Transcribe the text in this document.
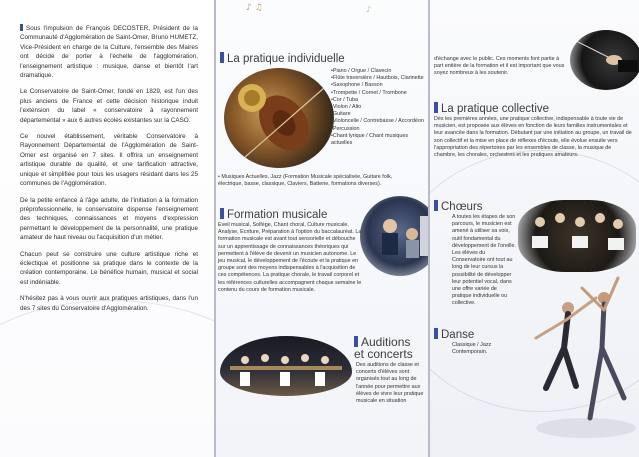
Sous l'impulsion de François DECOSTER, Président de la Communauté d'Agglomération de Saint-Omer, Bruno HUMETZ, Vice-Président en charge de la Culture, l'ensemble des Maires ont décidé de porter à l'échelle de l'agglomération, l'enseignement artistique : musique, danse et bientôt l'art dramatique.

Le Conservatoire de Saint-Omer, fondé en 1829, est l'un des plus anciens de France et cette décision historique induit l'extension du label « conservatoire à rayonnement départemental » aux 6 autres écoles existantes sur la CASO.

Ce nouvel établissement, véritable Conservatoire à Rayonnement Départemental de l'Agglomération de Saint-Omer est organisé en 7 sites. Il offrira un enseignement artistique durable de qualité, et une tarification attractive, unique et simplifiée pour tous les usagers résidant dans les 25 communes de l'Agglomération.

De la petite enfance à l'âge adulte, de l'initiation à la formation préprofessionnelle, le conservatoire dispense l'enseignement des techniques, connaissances et moyens d'expression permettant le développement de la personnalité, une pratique amateur de haut niveau ou l'acquisition d'un métier.

Chacun peut se construire une culture artistique riche et éclectique et positionne sa pratique dans le contexte de la création contemporaine. Le bénéfice humain, musical et social est indéniable.

N'hésitez pas à vous ouvrir aux pratiques artistiques, dans l'un des 7 sites du Conservatoire d'Agglomération.

♪ ♫	♪
La pratique individuelle
• Piano / Orgue / Clavecin
• Flûte traversière / Hautbois, Clarinette
• Saxophone / Basson
• Trompette / Cornet / Trombone
• Cor / Tuba
• Violon / Alto
• Guitare
• Violoncelle / Contrebasse / Accordéon
• Percussion
• Chant lyrique / Chant musiques actuelles
• Musiques Actuelles, Jazz (Formation Musicale spécialisée, Guitare folk, électrique, basse, classique, Claviers, Batterie, formations diverses).
Formation musicale
Eveil musical, Solfège, Chant choral, Culture musicale, Analyse, Ecriture, Préparation à l'option du baccalauréat. La formation musicale est avant tout sensorielle et débouche sur un apprentissage de connaissances théoriques qui permettent à l'élève de devenir un musicien autonome. Le jeu musical, le développement de l'écoute et la pratique en groupe sont des moyens indispensables à l'acquisition de ces compétences. La pratique chorale, le travail corporel et les références culturelles accompagnent chaque semaine le contenu du cours de formation musicale.
Auditions
et concerts
Des auditions de classe et concerts d'élèves sont organisés tout au long de l'année pour permettre aux élèves de vivre leur pratique musicale en situation
d'échange avec le public. Ces moments font partie à part entière de la formation et il est important que vous soyez nombreux à les soutenir.
La pratique collective
Dès les premières années, une pratique collective, indispensable à toute vie de musicien, est proposée aux élèves en fonction de leurs familles instrumentales et leur avancée dans la formation. Débutant par une initiation au groupe, un travail de son collectif et la mise en place de réflexes d'écoute, elle évolue ensuite vers l'appropriation des répertoires par les ensembles de classe, la musique de chambre, les chorales, orchestres et les pratiques amateurs.
Chœurs
A toutes les étapes de son parcours, le musicien est amené à utiliser sa voix, outil fondamental du développement de l'oreille. Les élèves du Conservatoire ont tout au long de leur cursus la possibilité de développer leur potentiel vocal, dans une offre variée de pratique individuelle ou collective.
Danse
Classique / Jazz
Contemporain.
